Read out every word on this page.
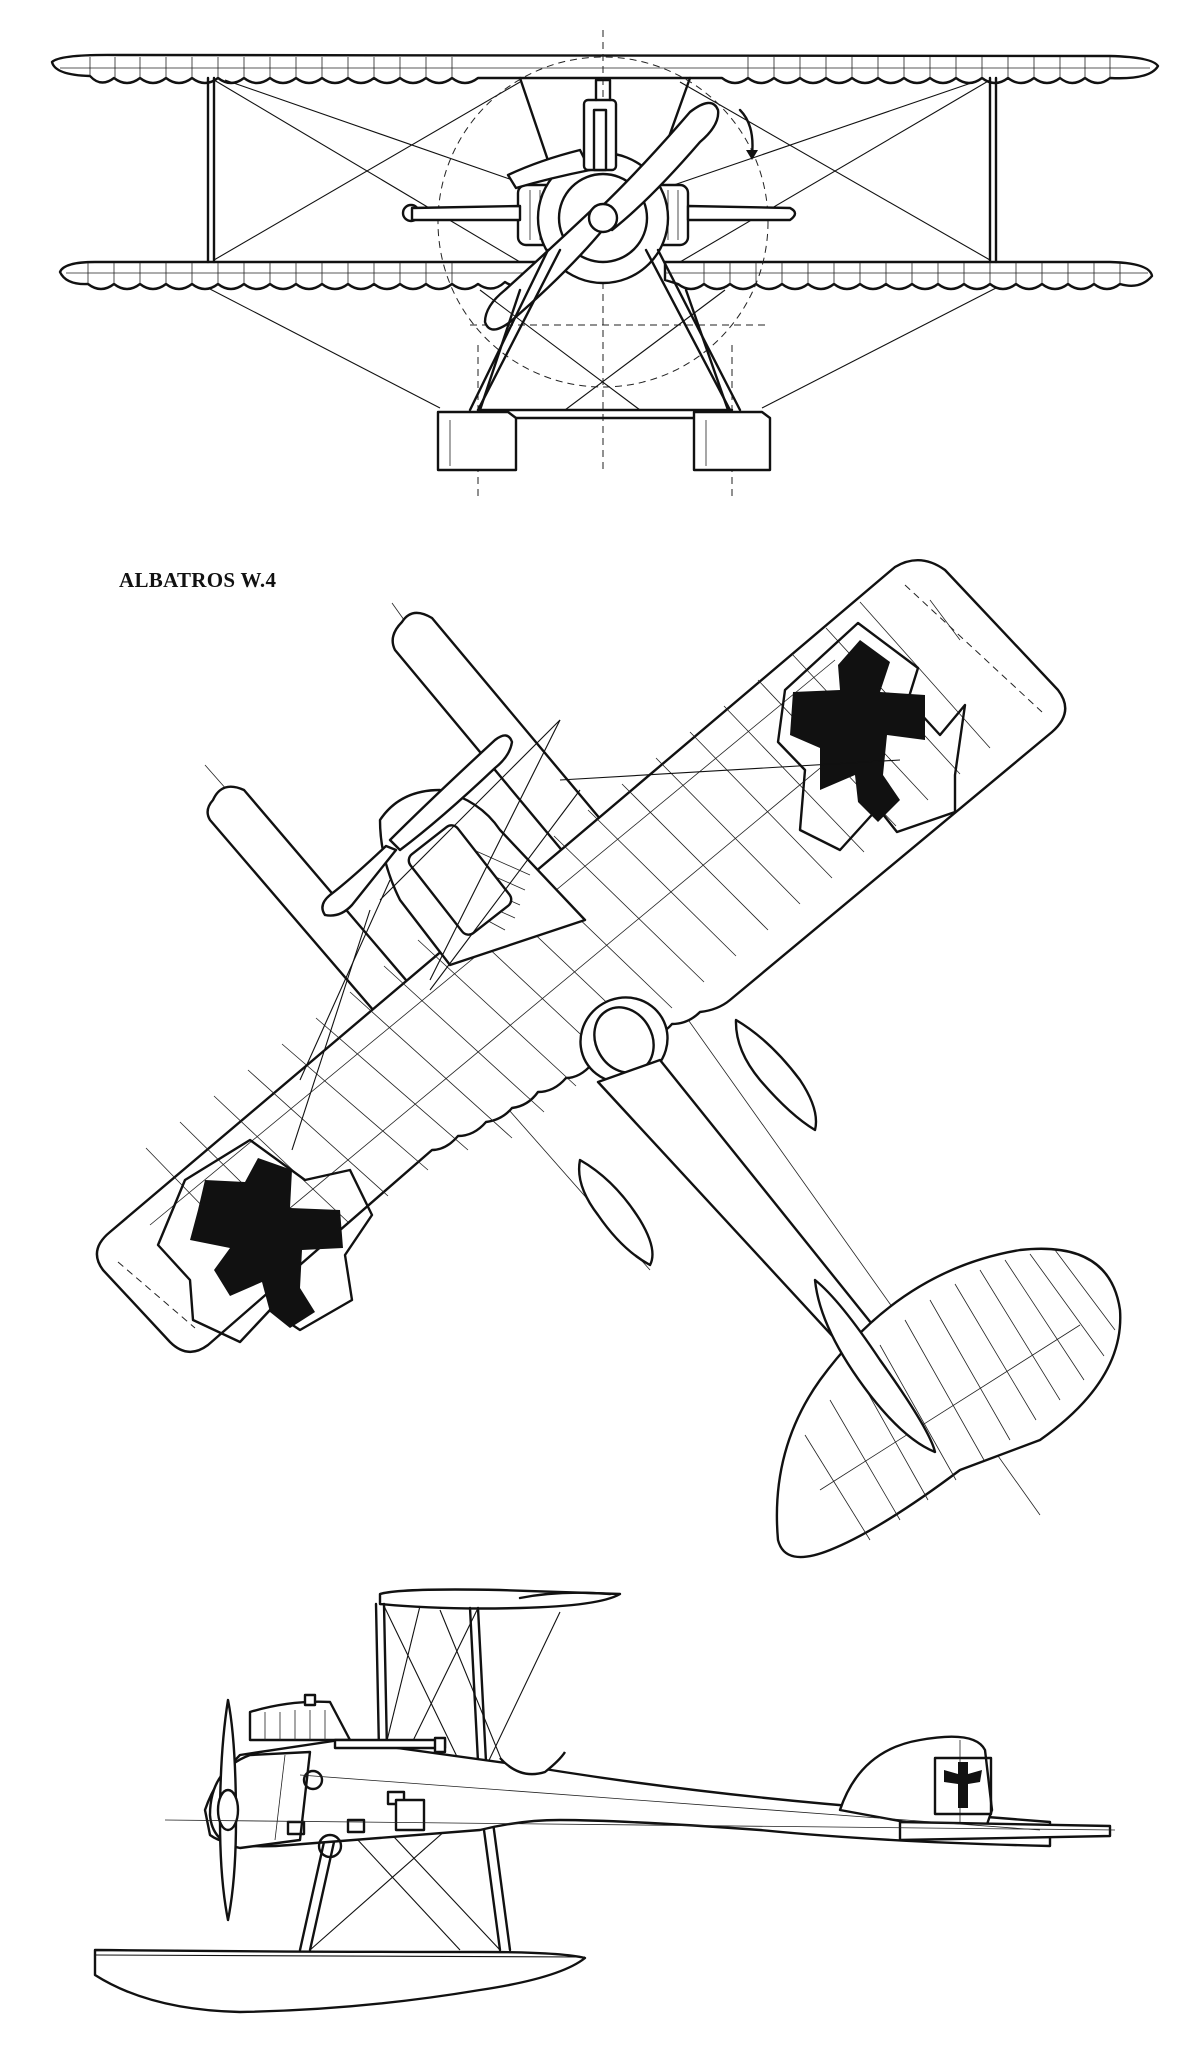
ALBATROS W.4
